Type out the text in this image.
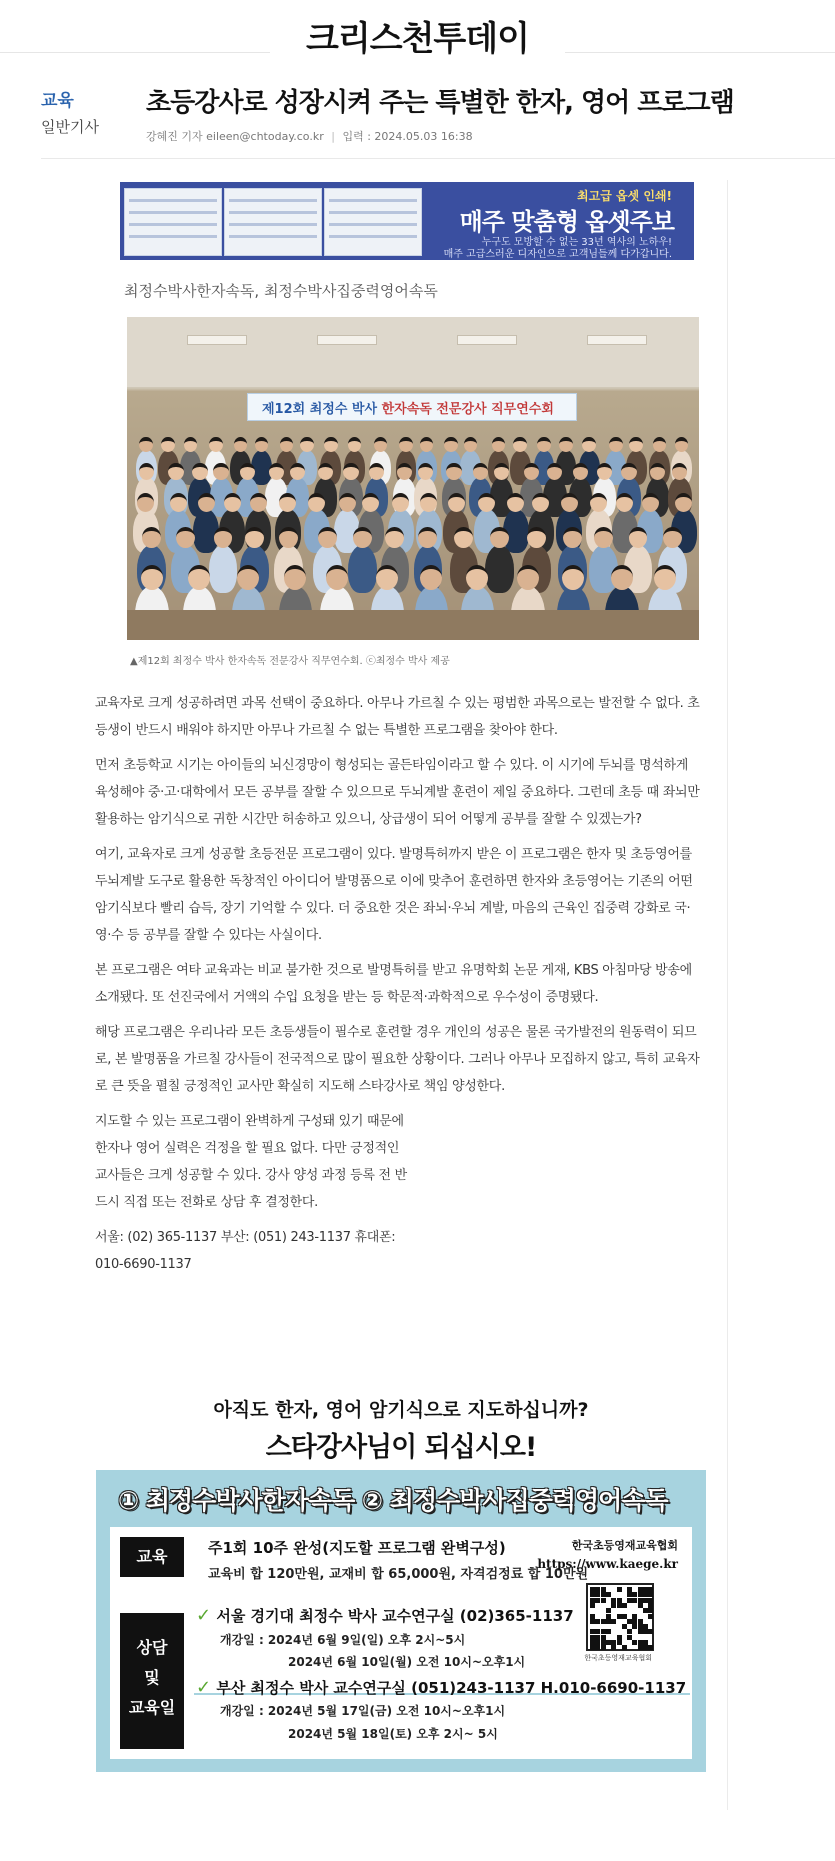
크리스천투데이
교육
일반기사
초등강사로 성장시켜 주는 특별한 한자, 영어 프로그램
강혜진 기자 eileen@chtoday.co.kr | 입력 : 2024.05.03 16:38
최고급 옵셋 인쇄!
매주 맞춤형 옵셋주보
누구도 모방할 수 없는 33년 역사의 노하우!
매주 고급스러운 디자인으로 고객님들께 다가갑니다.
최정수박사한자속독, 최정수박사집중력영어속독
제12회 최정수 박사 한자속독 전문강사 직무연수회
▲제12회 최정수 박사 한자속독 전문강사 직무연수회. ⓒ최정수 박사 제공

교육자로 크게 성공하려면 과목 선택이 중요하다. 아무나 가르칠 수 있는 평범한 과목으로는 발전할 수 없다. 초등생이 반드시 배워야 하지만 아무나 가르칠 수 없는 특별한 프로그램을 찾아야 한다.

먼저 초등학교 시기는 아이들의 뇌신경망이 형성되는 골든타임이라고 할 수 있다. 이 시기에 두뇌를 명석하게 육성해야 중·고·대학에서 모든 공부를 잘할 수 있으므로 두뇌계발 훈련이 제일 중요하다. 그런데 초등 때 좌뇌만 활용하는 암기식으로 귀한 시간만 허송하고 있으니, 상급생이 되어 어떻게 공부를 잘할 수 있겠는가?

여기, 교육자로 크게 성공할 초등전문 프로그램이 있다. 발명특허까지 받은 이 프로그램은 한자 및 초등영어를 두뇌계발 도구로 활용한 독창적인 아이디어 발명품으로 이에 맞추어 훈련하면 한자와 초등영어는 기존의 어떤 암기식보다 빨리 습득, 장기 기억할 수 있다. 더 중요한 것은 좌뇌·우뇌 계발, 마음의 근육인 집중력 강화로 국·영·수 등 공부를 잘할 수 있다는 사실이다.

본 프로그램은 여타 교육과는 비교 불가한 것으로 발명특허를 받고 유명학회 논문 게재, KBS 아침마당 방송에 소개됐다. 또 선진국에서 거액의 수입 요청을 받는 등 학문적·과학적으로 우수성이 증명됐다.

해당 프로그램은 우리나라 모든 초등생들이 필수로 훈련할 경우 개인의 성공은 물론 국가발전의 원동력이 되므로, 본 발명품을 가르칠 강사들이 전국적으로 많이 필요한 상황이다. 그러나 아무나 모집하지 않고, 특히 교육자로 큰 뜻을 펼칠 긍정적인 교사만 확실히 지도해 스타강사로 책임 양성한다.

지도할 수 있는 프로그램이 완벽하게 구성돼 있기 때문에 한자나 영어 실력은 걱정을 할 필요 없다. 다만 긍정적인 교사들은 크게 성공할 수 있다. 강사 양성 과정 등록 전 반드시 직접 또는 전화로 상담 후 결정한다.

서울: (02) 365-1137 부산: (051) 243-1137 휴대폰: 010-6690-1137

아직도 한자, 영어 암기식으로 지도하십니까?
스타강사님이 되십시오!
① 최정수박사한자속독 ② 최정수박사집중력영어속독
교육	주1회 10주 완성(지도할 프로그램 완벽구성)
교육비 합 120만원, 교재비 합 65,000원, 자격검정료 합 10만원
한국초등영재교육협회
https://www.kaege.kr
한국초등영재교육협회
상담
및
교육일
✓ 서울 경기대 최정수 박사 교수연구실 (02)365-1137
개강일 : 2024년 6월 9일(일) 오후 2시~5시
2024년 6월 10일(월) 오전 10시~오후1시
✓ 부산 최정수 박사 교수연구실 (051)243-1137 H.010-6690-1137
개강일 : 2024년 5월 17일(금) 오전 10시~오후1시
2024년 5월 18일(토) 오후 2시~ 5시
